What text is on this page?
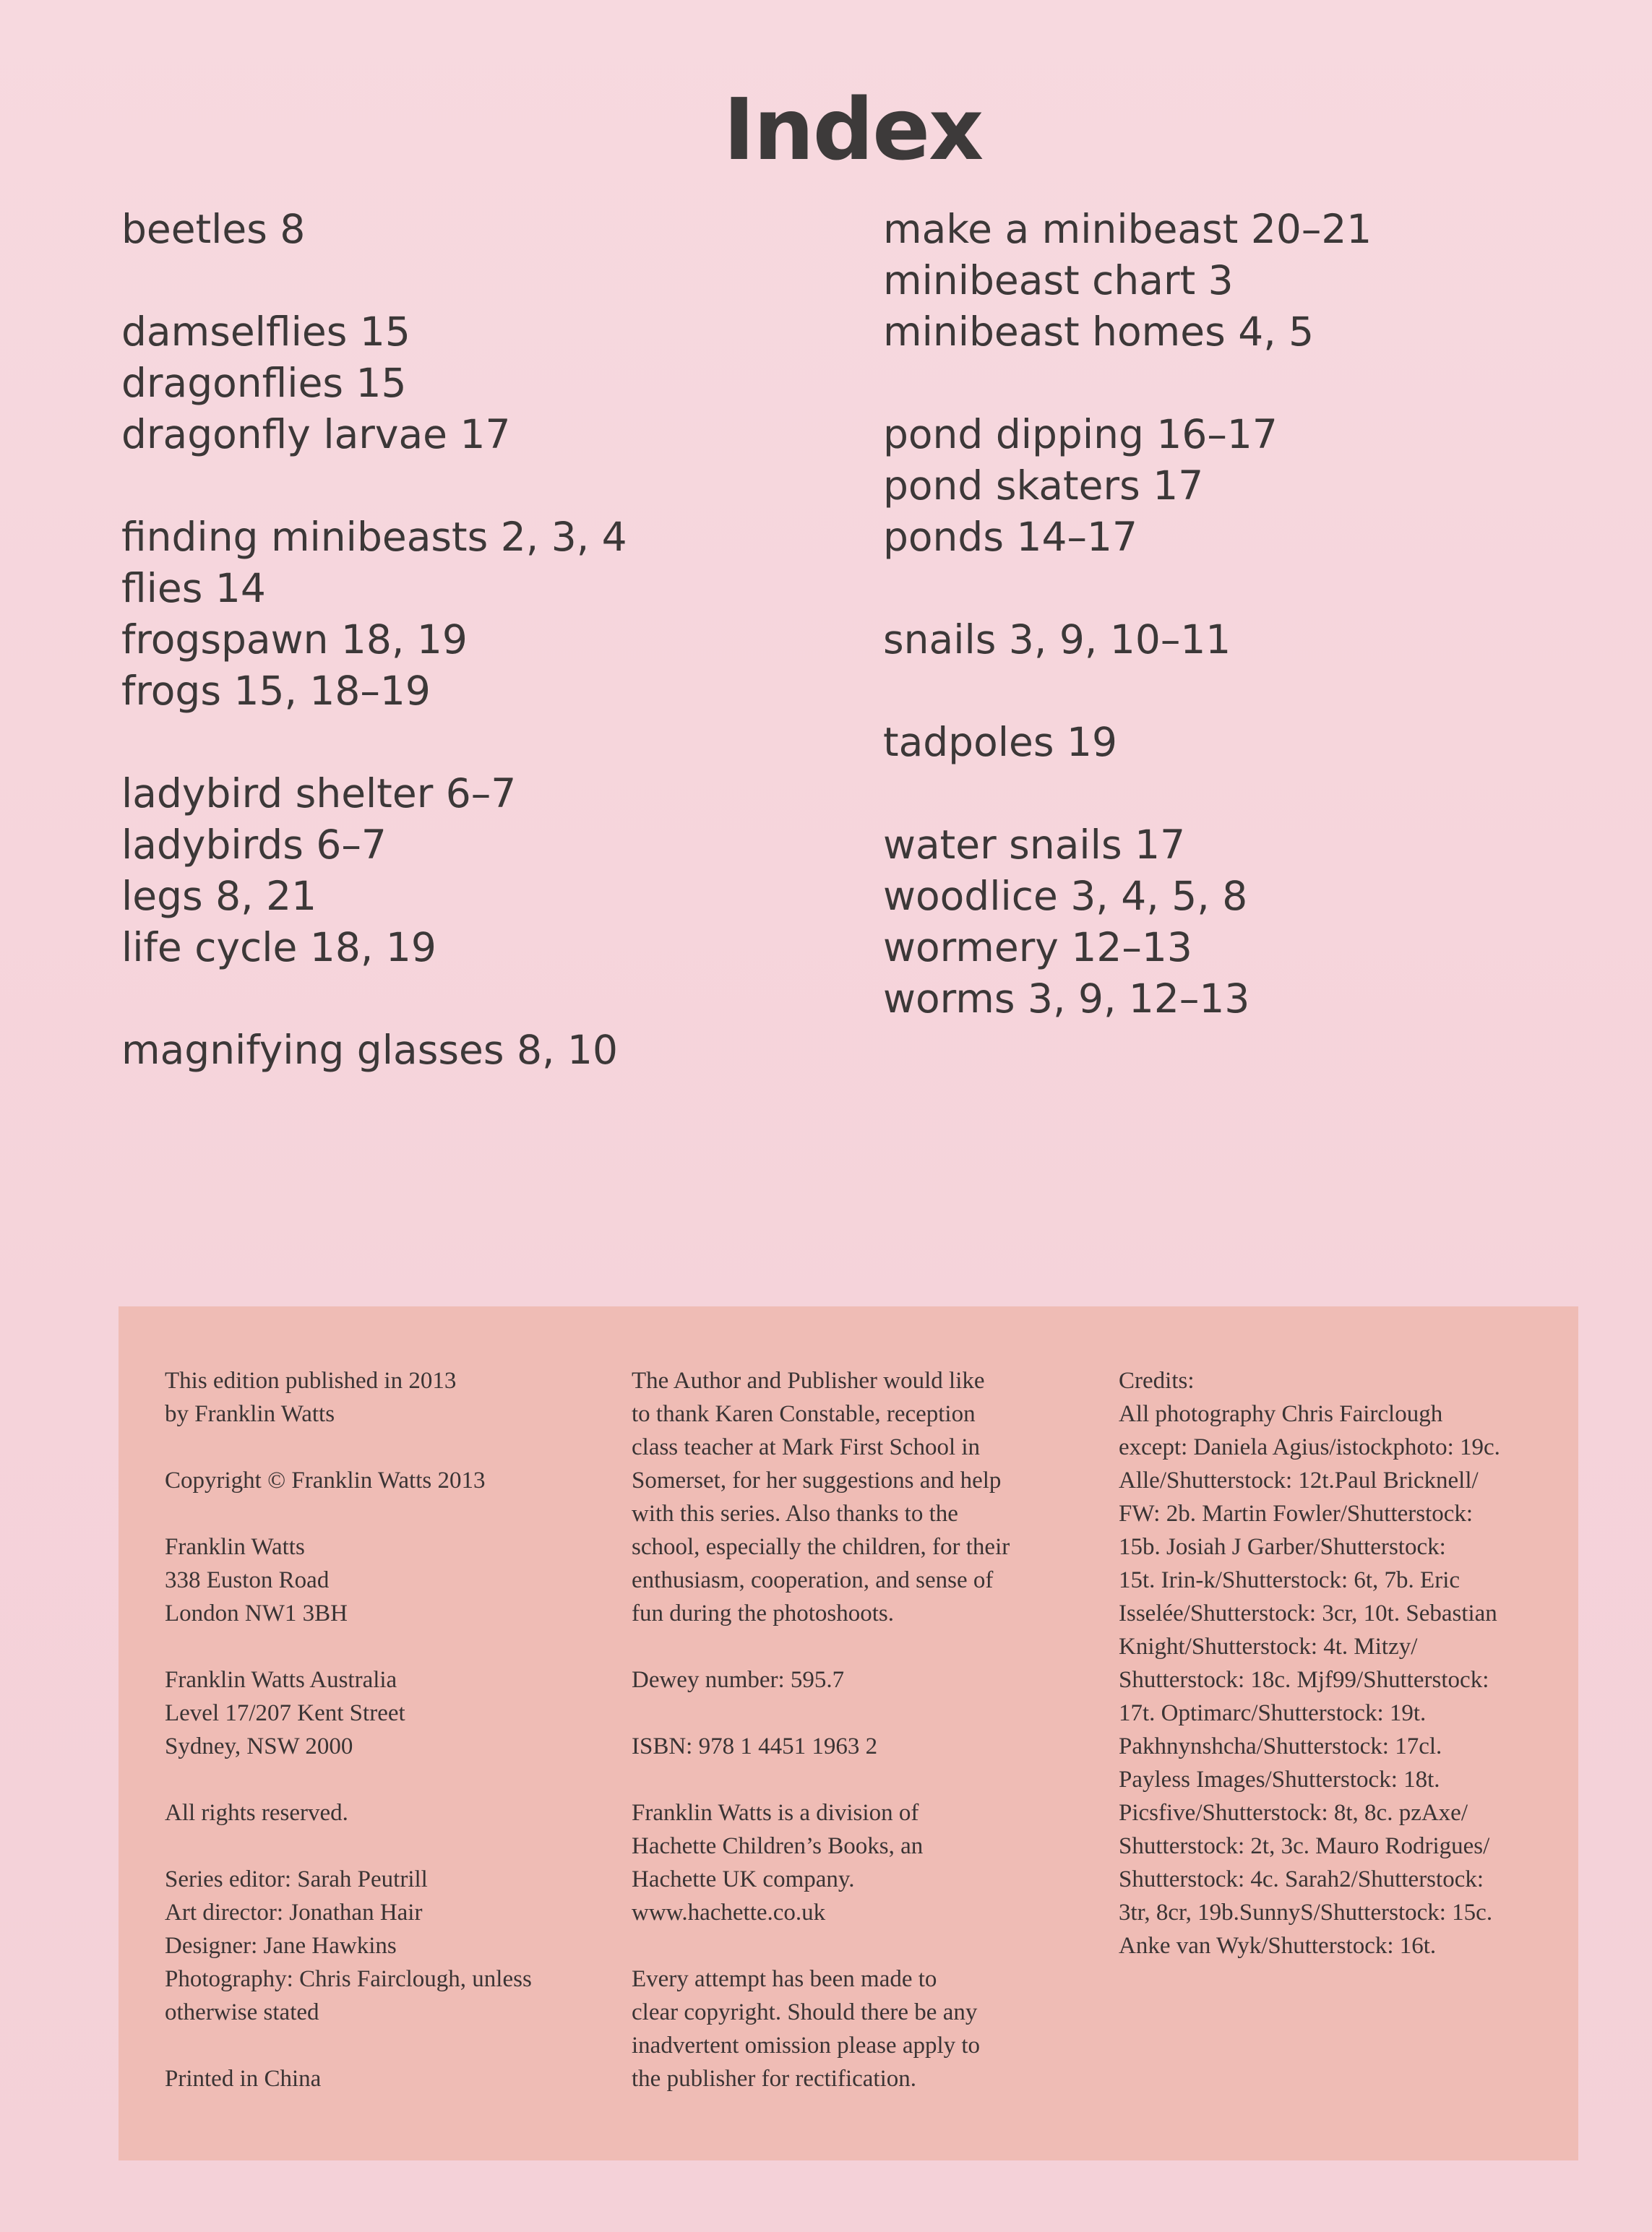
Index
beetles 8
damselflies 15
dragonflies 15
dragonfly larvae 17
finding minibeasts 2, 3, 4
flies 14
frogspawn 18, 19
frogs 15, 18–19
ladybird shelter 6–7
ladybirds 6–7
legs 8, 21
life cycle 18, 19
magnifying glasses 8, 10
make a minibeast 20–21
minibeast chart 3
minibeast homes 4, 5
pond dipping 16–17
pond skaters 17
ponds 14–17
snails 3, 9, 10–11
tadpoles 19
water snails 17
woodlice 3, 4, 5, 8
wormery 12–13
worms 3, 9, 12–13
This edition published in 2013
by Franklin Watts
Copyright © Franklin Watts 2013
Franklin Watts
338 Euston Road
London NW1 3BH
Franklin Watts Australia
Level 17/207 Kent Street
Sydney, NSW 2000
All rights reserved.
Series editor: Sarah Peutrill
Art director: Jonathan Hair
Designer: Jane Hawkins
Photography: Chris Fairclough, unless
otherwise stated
Printed in China
The Author and Publisher would like
to thank Karen Constable, reception
class teacher at Mark First School in
Somerset, for her suggestions and help
with this series. Also thanks to the
school, especially the children, for their
enthusiasm, cooperation, and sense of
fun during the photoshoots.
Dewey number: 595.7
ISBN: 978 1 4451 1963 2
Franklin Watts is a division of
Hachette Children’s Books, an
Hachette UK company.
www.hachette.co.uk
Every attempt has been made to
clear copyright. Should there be any
inadvertent omission please apply to
the publisher for rectification.
Credits:
All photography Chris Fairclough
except: Daniela Agius/istockphoto: 19c.
Alle/Shutterstock: 12t.Paul Bricknell/
FW: 2b. Martin Fowler/Shutterstock:
15b. Josiah J Garber/Shutterstock:
15t. Irin-k/Shutterstock: 6t, 7b. Eric
Isselée/Shutterstock: 3cr, 10t. Sebastian
Knight/Shutterstock: 4t. Mitzy/
Shutterstock: 18c. Mjf99/Shutterstock:
17t. Optimarc/Shutterstock: 19t.
Pakhnynshcha/Shutterstock: 17cl.
Payless Images/Shutterstock: 18t.
Picsfive/Shutterstock: 8t, 8c. pzAxe/
Shutterstock: 2t, 3c. Mauro Rodrigues/
Shutterstock: 4c. Sarah2/Shutterstock:
3tr, 8cr, 19b.SunnyS/Shutterstock: 15c.
Anke van Wyk/Shutterstock: 16t.
